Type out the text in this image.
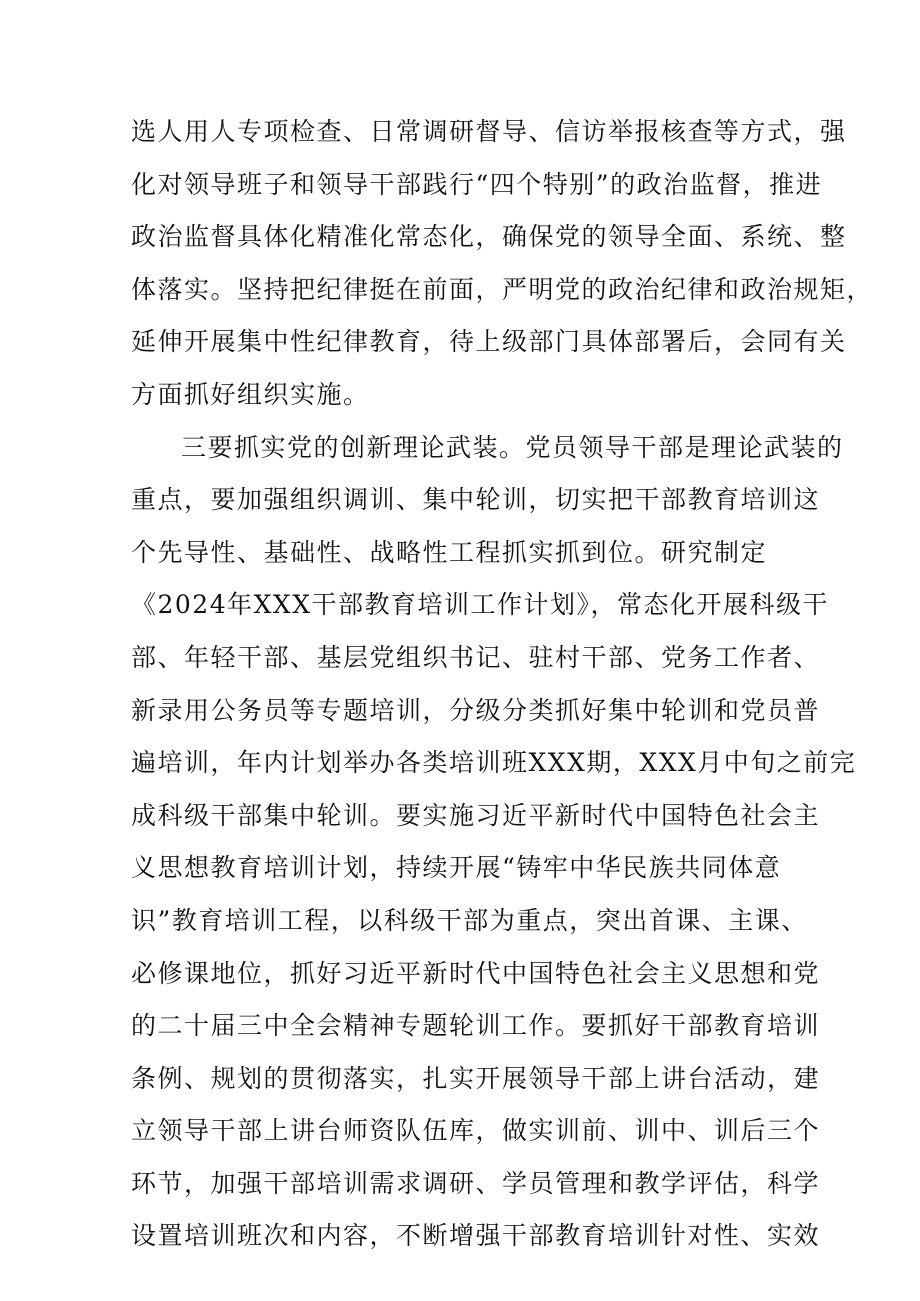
选人用人专项检查、日常调研督导、信访举报核查等方式，强
化对领导班子和领导干部践行“四个特别”的政治监督，推进
政治监督具体化精准化常态化，确保党的领导全面、系统、整
体落实。坚持把纪律挺在前面，严明党的政治纪律和政治规矩，
延伸开展集中性纪律教育，待上级部门具体部署后，会同有关
方面抓好组织实施。
三要抓实党的创新理论武装。党员领导干部是理论武装的
重点，要加强组织调训、集中轮训，切实把干部教育培训这
个先导性、基础性、战略性工程抓实抓到位。研究制定
《2024年XXX干部教育培训工作计划》，常态化开展科级干
部、年轻干部、基层党组织书记、驻村干部、党务工作者、
新录用公务员等专题培训，分级分类抓好集中轮训和党员普
遍培训，年内计划举办各类培训班XXX期，XXX月中旬之前完
成科级干部集中轮训。要实施习近平新时代中国特色社会主
义思想教育培训计划，持续开展“铸牢中华民族共同体意
识”教育培训工程，以科级干部为重点，突出首课、主课、
必修课地位，抓好习近平新时代中国特色社会主义思想和党
的二十届三中全会精神专题轮训工作。要抓好干部教育培训
条例、规划的贯彻落实，扎实开展领导干部上讲台活动，建
立领导干部上讲台师资队伍库，做实训前、训中、训后三个
环节，加强干部培训需求调研、学员管理和教学评估，科学
设置培训班次和内容，不断增强干部教育培训针对性、实效
